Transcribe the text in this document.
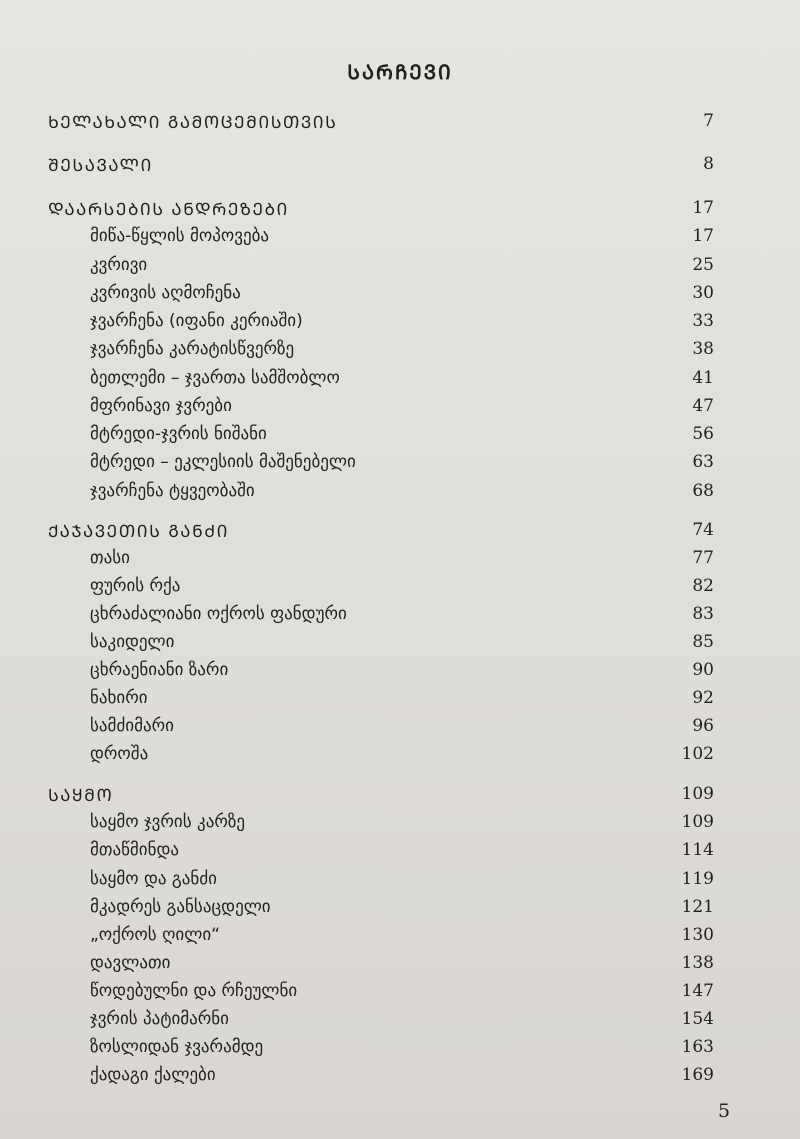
ᲡᲐᲠᲩᲔᲕᲘ
ᲮᲔᲚᲐᲮᲐᲚᲘ ᲒᲐᲛᲝᲪᲔᲛᲘᲡᲗᲕᲘᲡ	7
ᲨᲔᲡᲐᲕᲐᲚᲘ	8
ᲓᲐᲐᲠᲡᲔᲑᲘᲡ ᲐᲜᲓᲠᲔᲖᲔᲑᲘ	17
მიწა-წყლის მოპოვება	17
კვრივი	25
კვრივის აღმოჩენა	30
ჯვარჩენა (იფანი კერიაში)	33
ჯვარჩენა კარატისწვერზე	38
ბეთლემი – ჯვართა სამშობლო	41
მფრინავი ჯვრები	47
მტრედი-ჯვრის ნიშანი	56
მტრედი – ეკლესიის მაშენებელი	63
ჯვარჩენა ტყვეობაში	68
ᲥᲐᲯᲐᲕᲔᲗᲘᲡ ᲒᲐᲜᲫᲘ	74
თასი	77
ფურის რქა	82
ცხრაძალიანი ოქროს ფანდური	83
საკიდელი	85
ცხრაენიანი ზარი	90
ნახირი	92
სამძიმარი	96
დროშა	102
ᲡᲐᲧᲛᲝ	109
საყმო ჯვრის კარზე	109
მთაწმინდა	114
საყმო და განძი	119
მკადრეს განსაცდელი	121
„ოქროს ღილი“	130
დავლათი	138
წოდებულნი და რჩეულნი	147
ჯვრის პატიმარნი	154
ზოსლიდან ჯვარამდე	163
ქადაგი ქალები	169
5
